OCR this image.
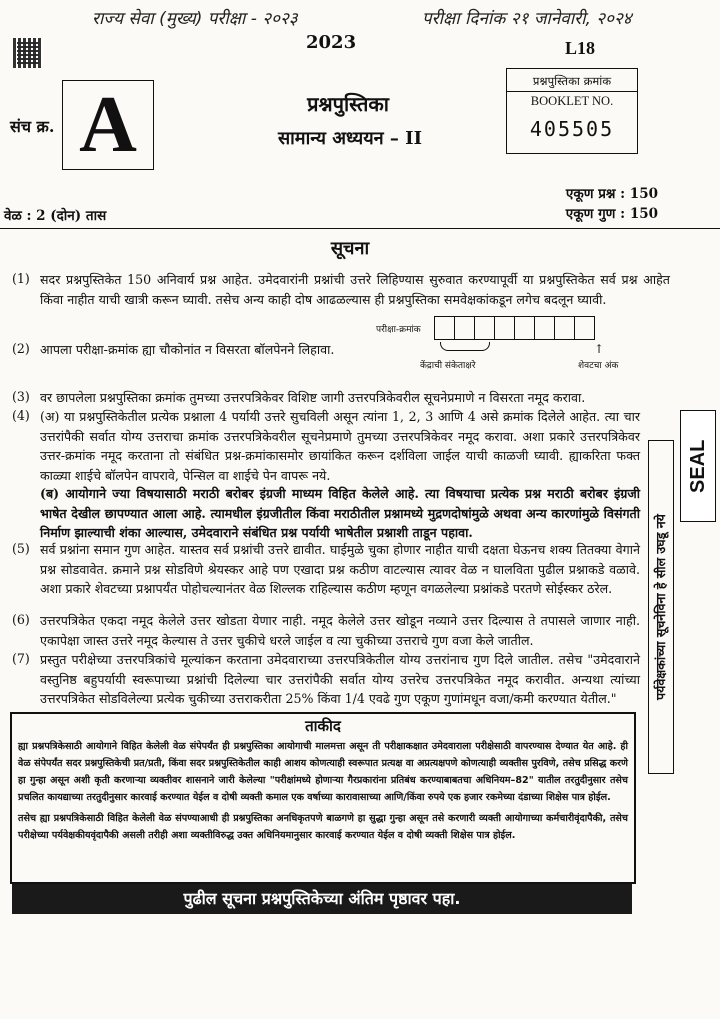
राज्य सेवा (मुख्य) परीक्षा - २०२३	परीक्षा दिनांक २१ जानेवारी, २०२४
2023	L18
संच क्र. A	प्रश्नपुस्तिका
सामान्य अध्ययन – II
प्रश्नपुस्तिका क्रमांक
BOOKLET NO.
405505
एकूण प्रश्न : 150
एकूण गुण : 150
वेळ : 2 (दोन) तास
सूचना
(1) सदर प्रश्नपुस्तिकेत 150 अनिवार्य प्रश्न आहेत. उमेदवारांनी प्रश्नांची उत्तरे लिहिण्यास सुरुवात करण्यापूर्वी या प्रश्नपुस्तिकेत सर्व प्रश्न आहेत किंवा नाहीत याची खात्री करून घ्यावी. तसेच अन्य काही दोष आढळल्यास ही प्रश्नपुस्तिका समवेक्षकांकडून लगेच बदलून घ्यावी.
(2) आपला परीक्षा-क्रमांक ह्या चौकोनांत न विसरता बॉलपेनने लिहावा.
परीक्षा-क्रमांक
केंद्राची संकेताक्षरे
↑
शेवटचा अंक
(3) वर छापलेला प्रश्नपुस्तिका क्रमांक तुमच्या उत्तरपत्रिकेवर विशिष्ट जागी उत्तरपत्रिकेवरील सूचनेप्रमाणे न विसरता नमूद करावा.
(4) (अ) या प्रश्नपुस्तिकेतील प्रत्येक प्रश्नाला 4 पर्यायी उत्तरे सुचविली असून त्यांना 1, 2, 3 आणि 4 असे क्रमांक दिलेले आहेत. त्या चार उत्तरांपैकी सर्वात योग्य उत्तराचा क्रमांक उत्तरपत्रिकेवरील सूचनेप्रमाणे तुमच्या उत्तरपत्रिकेवर नमूद करावा. अशा प्रकारे उत्तरपत्रिकेवर उत्तर-क्रमांक नमूद करताना तो संबंधित प्रश्न-क्रमांकासमोर छायांकित करून दर्शविला जाईल याची काळजी घ्यावी. ह्याकरिता फक्त काळ्या शाईचे बॉलपेन वापरावे, पेन्सिल वा शाईचे पेन वापरू नये.
(ब) आयोगाने ज्या विषयासाठी मराठी बरोबर इंग्रजी माध्यम विहित केलेले आहे. त्या विषयाचा प्रत्येक प्रश्न मराठी बरोबर इंग्रजी भाषेत देखील छापण्यात आला आहे. त्यामधील इंग्रजीतील किंवा मराठीतील प्रश्नामध्ये मुद्रणदोषांमुळे अथवा अन्य कारणांमुळे विसंगती निर्माण झाल्याची शंका आल्यास, उमेदवाराने संबंधित प्रश्न पर्यायी भाषेतील प्रश्नाशी ताडून पहावा.
(5) सर्व प्रश्नांना समान गुण आहेत. यास्तव सर्व प्रश्नांची उत्तरे द्यावीत. घाईमुळे चुका होणार नाहीत याची दक्षता घेऊनच शक्य तितक्या वेगाने प्रश्न सोडवावेत. क्रमाने प्रश्न सोडविणे श्रेयस्कर आहे पण एखादा प्रश्न कठीण वाटल्यास त्यावर वेळ न घालविता पुढील प्रश्नाकडे वळावे. अशा प्रकारे शेवटच्या प्रश्नापर्यंत पोहोचल्यानंतर वेळ शिल्लक राहिल्यास कठीण म्हणून वगळलेल्या प्रश्नांकडे परतणे सोईस्कर ठरेल.
(6) उत्तरपत्रिकेत एकदा नमूद केलेले उत्तर खोडता येणार नाही. नमूद केलेले उत्तर खोडून नव्याने उत्तर दिल्यास ते तपासले जाणार नाही. एकापेक्षा जास्त उत्तरे नमूद केल्यास ते उत्तर चुकीचे धरले जाईल व त्या चुकीच्या उत्तराचे गुण वजा केले जातील.
(7) प्रस्तुत परीक्षेच्या उत्तरपत्रिकांचे मूल्यांकन करताना उमेदवाराच्या उत्तरपत्रिकेतील योग्य उत्तरांनाच गुण दिले जातील. तसेच "उमेदवाराने वस्तुनिष्ठ बहुपर्यायी स्वरूपाच्या प्रश्नांची दिलेल्या चार उत्तरांपैकी सर्वात योग्य उत्तरेच उत्तरपत्रिकेत नमूद करावीत. अन्यथा त्यांच्या उत्तरपत्रिकेत सोडविलेल्या प्रत्येक चुकीच्या उत्तराकरीता 25% किंवा 1/4 एवढे गुण एकूण गुणांमधून वजा/कमी करण्यात येतील."
SEAL
पर्यवेक्षकांच्या सूचनेविना हे सील उघडू नये
ताकीद
ह्या प्रश्नपत्रिकेसाठी आयोगाने विहित केलेली वेळ संपेपर्यंत ही प्रश्नपुस्तिका आयोगाची मालमत्ता असून ती परीक्षाकक्षात उमेदवाराला परीक्षेसाठी वापरण्यास देण्यात येत आहे. ही वेळ संपेपर्यंत सदर प्रश्नपुस्तिकेची प्रत/प्रती, किंवा सदर प्रश्नपुस्तिकेतील काही आशय कोणत्याही स्वरूपात प्रत्यक्ष वा अप्रत्यक्षपणे कोणत्याही व्यक्तीस पुरविणे, तसेच प्रसिद्ध करणे हा गुन्हा असून अशी कृती करणाऱ्या व्यक्तीवर शासनाने जारी केलेल्या "परीक्षांमध्ये होणाऱ्या गैरप्रकारांना प्रतिबंध करण्याबाबतचा अधिनियम–82" यातील तरतुदीनुसार तसेच प्रचलित कायद्याच्या तरतुदीनुसार कारवाई करण्यात येईल व दोषी व्यक्ती कमाल एक वर्षाच्या कारावासाच्या आणि/किंवा रुपये एक हजार रकमेच्या दंडाच्या शिक्षेस पात्र होईल.
तसेच ह्या प्रश्नपत्रिकेसाठी विहित केलेली वेळ संपण्याआधी ही प्रश्नपुस्तिका अनधिकृतपणे बाळगणे हा सुद्धा गुन्हा असून तसे करणारी व्यक्ती आयोगाच्या कर्मचारीवृंदापैकी, तसेच परीक्षेच्या पर्यवेक्षकीयवृंदापैकी असली तरीही अशा व्यक्तीविरुद्ध उक्त अधिनियमानुसार कारवाई करण्यात येईल व दोषी व्यक्ती शिक्षेस पात्र होईल.
पुढील सूचना प्रश्नपुस्तिकेच्या अंतिम पृष्ठावर पहा.
